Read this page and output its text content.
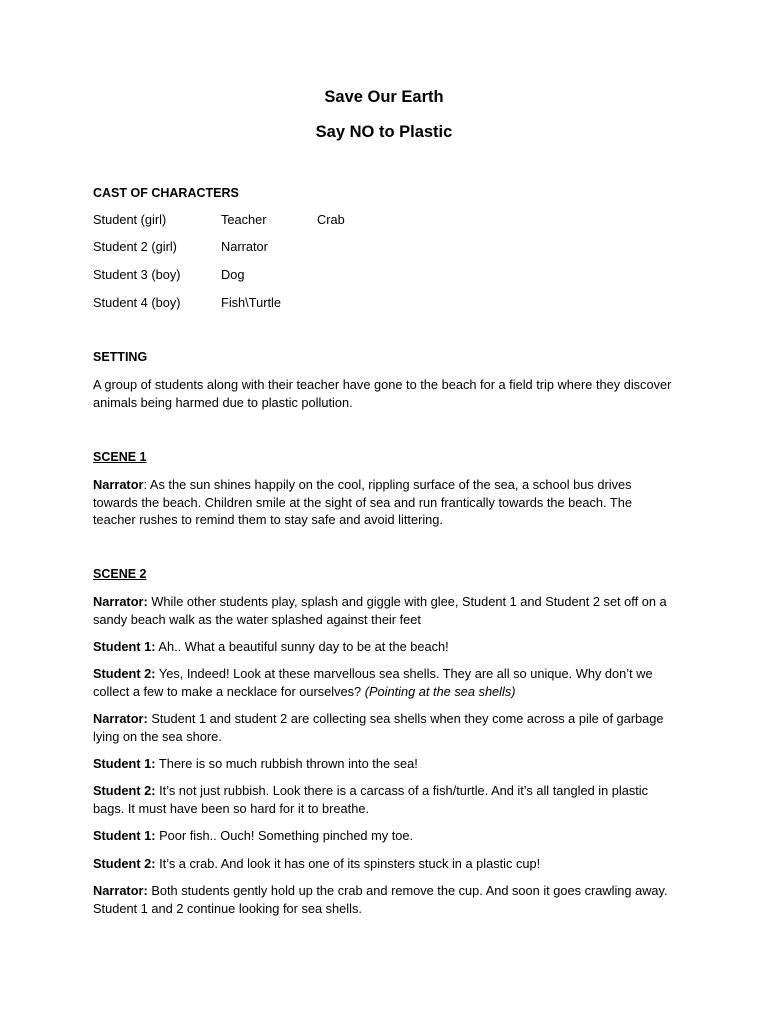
Save Our Earth
Say NO to Plastic
CAST OF CHARACTERS
Student (girl)	Teacher	Crab
Student 2 (girl)	Narrator
Student 3 (boy)	Dog
Student 4 (boy)	Fish\Turtle
SETTING

A group of students along with their teacher have gone to the beach for a field trip where they discover animals being harmed due to plastic pollution.

SCENE 1

Narrator: As the sun shines happily on the cool, rippling surface of the sea, a school bus drives towards the beach. Children smile at the sight of sea and run frantically towards the beach. The teacher rushes to remind them to stay safe and avoid littering.

SCENE 2

Narrator: While other students play, splash and giggle with glee, Student 1 and Student 2 set off on a sandy beach walk as the water splashed against their feet

Student 1: Ah.. What a beautiful sunny day to be at the beach!

Student 2: Yes, Indeed! Look at these marvellous sea shells. They are all so unique. Why don’t we collect a few to make a necklace for ourselves? (Pointing at the sea shells)

Narrator: Student 1 and student 2 are collecting sea shells when they come across a pile of garbage lying on the sea shore.

Student 1: There is so much rubbish thrown into the sea!

Student 2: It’s not just rubbish. Look there is a carcass of a fish/turtle. And it’s all tangled in plastic bags. It must have been so hard for it to breathe.

Student 1: Poor fish.. Ouch! Something pinched my toe.

Student 2: It’s a crab. And look it has one of its spinsters stuck in a plastic cup!

Narrator: Both students gently hold up the crab and remove the cup. And soon it goes crawling away. Student 1 and 2 continue looking for sea shells.
